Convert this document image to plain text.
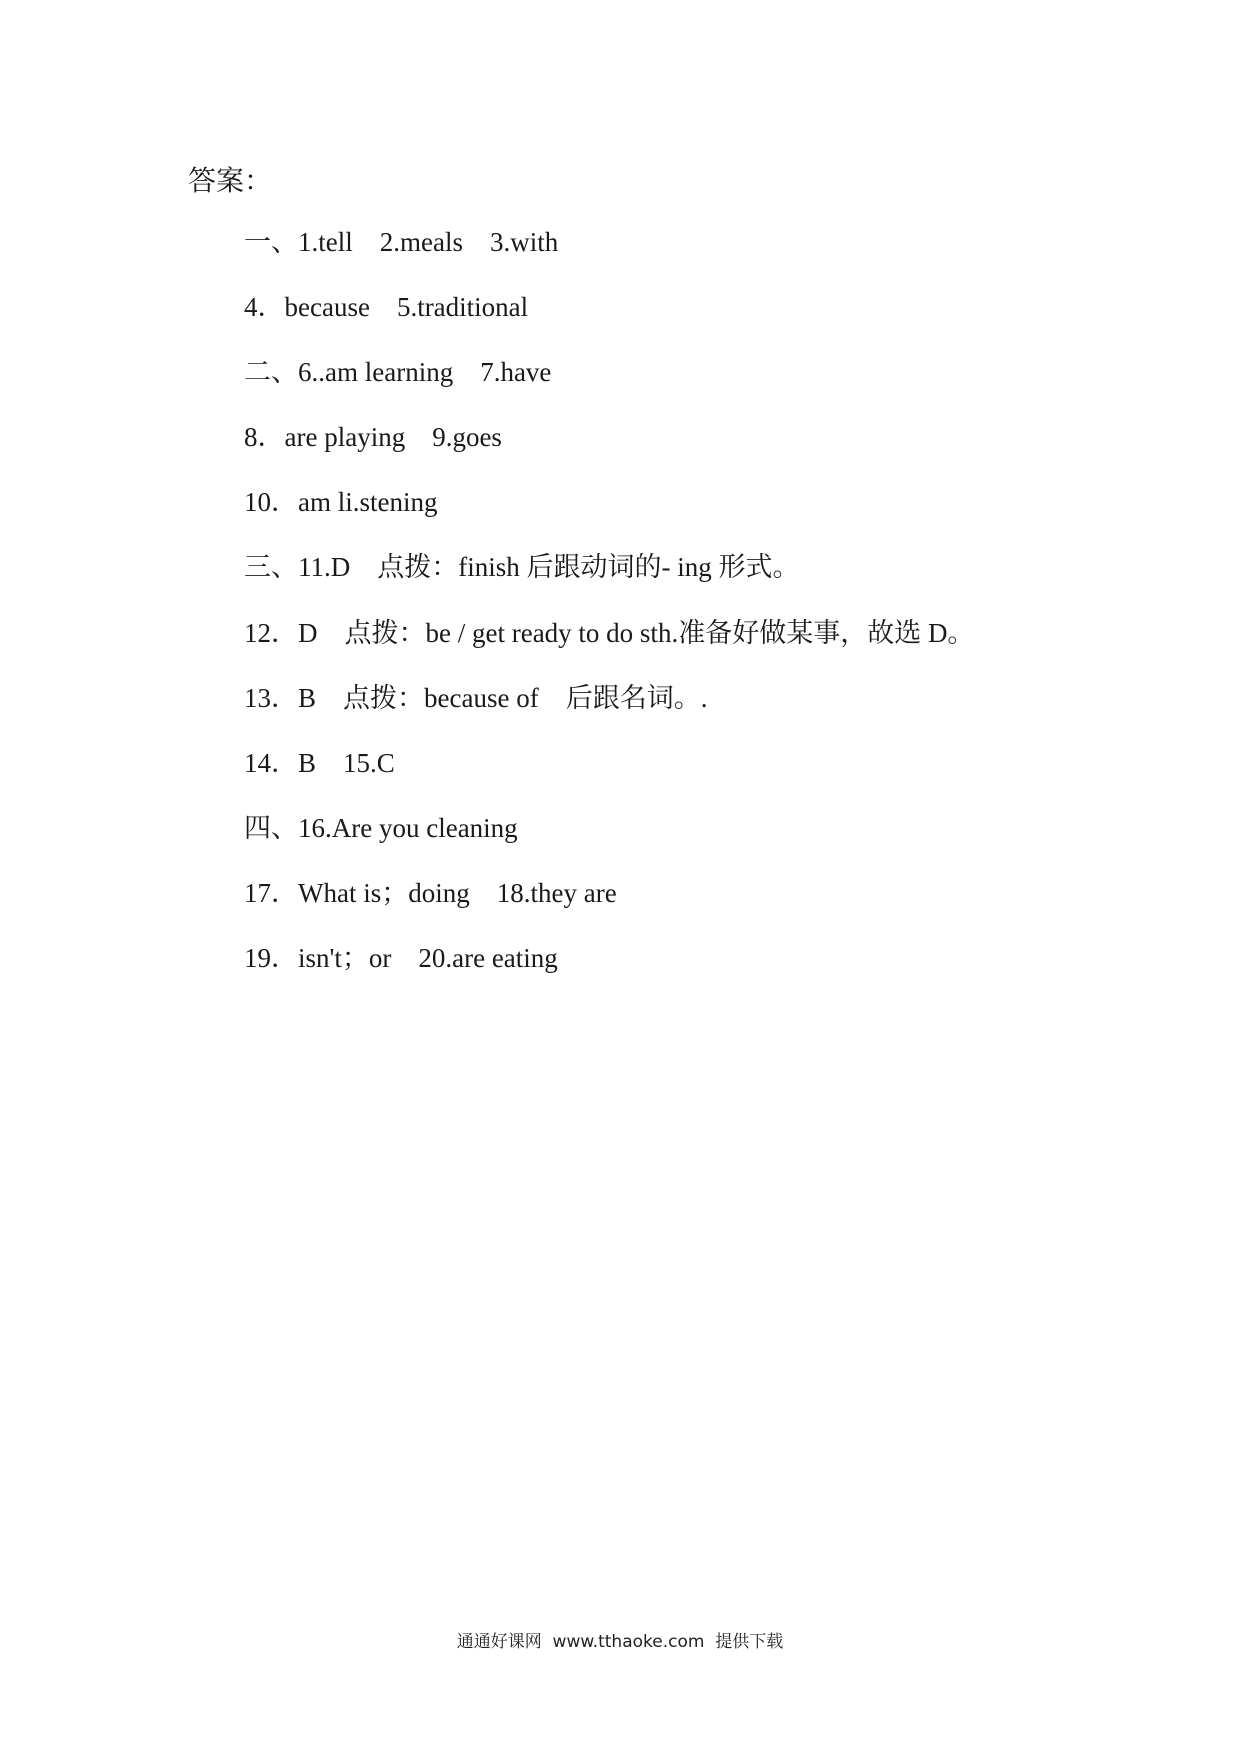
答案：
一、1.tell    2.meals    3.with
4．because    5.traditional
二、6..am learning    7.have
8．are playing    9.goes
10．am li.stening
三、11.D    点拨：finish 后跟动词的- ing 形式。
12．D    点拨：be / get ready to do sth.准备好做某事，故选 D。
13．B    点拨：because of    后跟名词。.
14．B    15.C
四、16.Are you cleaning
17．What is；doing    18.they are
19．isn't；or    20.are eating
通通好课网  www.tthaoke.com  提供下载
